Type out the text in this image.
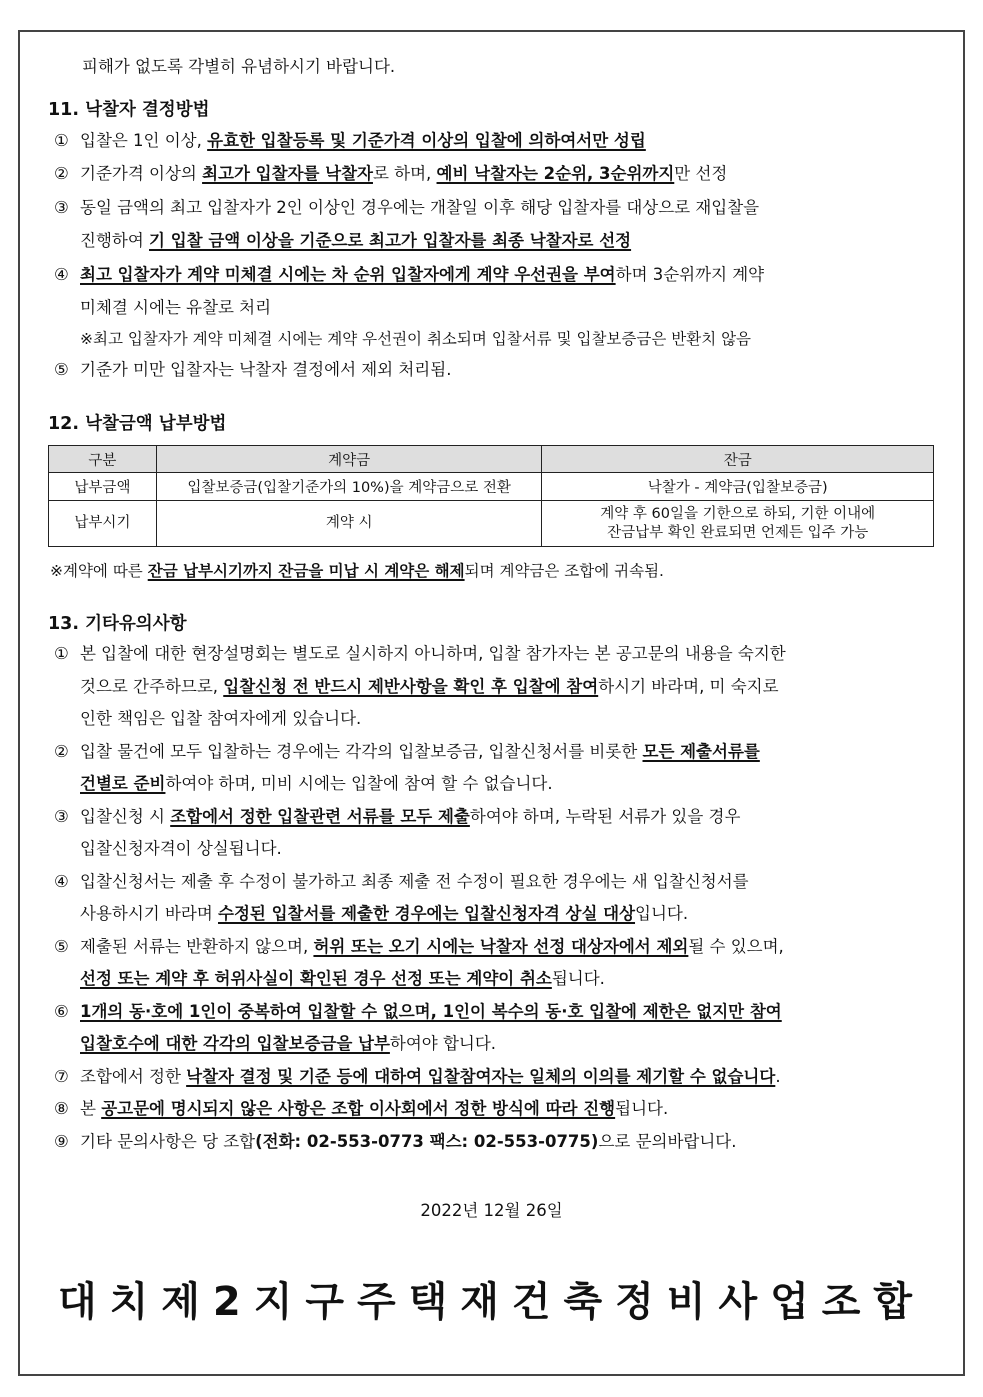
피해가 없도록 각별히 유념하시기 바랍니다.
11. 낙찰자 결정방법
① 입찰은 1인 이상, 유효한 입찰등록 및 기준가격 이상의 입찰에 의하여서만 성립
② 기준가격 이상의 최고가 입찰자를 낙찰자로 하며, 예비 낙찰자는 2순위, 3순위까지만 선정
③ 동일 금액의 최고 입찰자가 2인 이상인 경우에는 개찰일 이후 해당 입찰자를 대상으로 재입찰을
진행하여 기 입찰 금액 이상을 기준으로 최고가 입찰자를 최종 낙찰자로 선정
④ 최고 입찰자가 계약 미체결 시에는 차 순위 입찰자에게 계약 우선권을 부여하며 3순위까지 계약
미체결 시에는 유찰로 처리
※최고 입찰자가 계약 미체결 시에는 계약 우선권이 취소되며 입찰서류 및 입찰보증금은 반환치 않음
⑤ 기준가 미만 입찰자는 낙찰자 결정에서 제외 처리됨.
12. 낙찰금액 납부방법
구분	계약금	잔금
납부금액	입찰보증금(입찰기준가의 10%)을 계약금으로 전환	낙찰가 - 계약금(입찰보증금)
납부시기	계약 시	계약 후 60일을 기한으로 하되, 기한 이내에
잔금납부 확인 완료되면 언제든 입주 가능
※계약에 따른 잔금 납부시기까지 잔금을 미납 시 계약은 해제되며 계약금은 조합에 귀속됨.
13. 기타유의사항
① 본 입찰에 대한 현장설명회는 별도로 실시하지 아니하며, 입찰 참가자는 본 공고문의 내용을 숙지한
것으로 간주하므로, 입찰신청 전 반드시 제반사항을 확인 후 입찰에 참여하시기 바라며, 미 숙지로
인한 책임은 입찰 참여자에게 있습니다.
② 입찰 물건에 모두 입찰하는 경우에는 각각의 입찰보증금, 입찰신청서를 비롯한 모든 제출서류를
건별로 준비하여야 하며, 미비 시에는 입찰에 참여 할 수 없습니다.
③ 입찰신청 시 조합에서 정한 입찰관련 서류를 모두 제출하여야 하며, 누락된 서류가 있을 경우
입찰신청자격이 상실됩니다.
④ 입찰신청서는 제출 후 수정이 불가하고 최종 제출 전 수정이 필요한 경우에는 새 입찰신청서를
사용하시기 바라며 수정된 입찰서를 제출한 경우에는 입찰신청자격 상실 대상입니다.
⑤ 제출된 서류는 반환하지 않으며, 허위 또는 오기 시에는 낙찰자 선정 대상자에서 제외될 수 있으며,
선정 또는 계약 후 허위사실이 확인된 경우 선정 또는 계약이 취소됩니다.
⑥ 1개의 동·호에 1인이 중복하여 입찰할 수 없으며, 1인이 복수의 동·호 입찰에 제한은 없지만 참여
입찰호수에 대한 각각의 입찰보증금을 납부하여야 합니다.
⑦ 조합에서 정한 낙찰자 결정 및 기준 등에 대하여 입찰참여자는 일체의 이의를 제기할 수 없습니다.
⑧ 본 공고문에 명시되지 않은 사항은 조합 이사회에서 정한 방식에 따라 진행됩니다.
⑨ 기타 문의사항은 당 조합(전화: 02-553-0773 팩스: 02-553-0775)으로 문의바랍니다.
2022년 12월 26일
대치제2지구주택재건축정비사업조합
